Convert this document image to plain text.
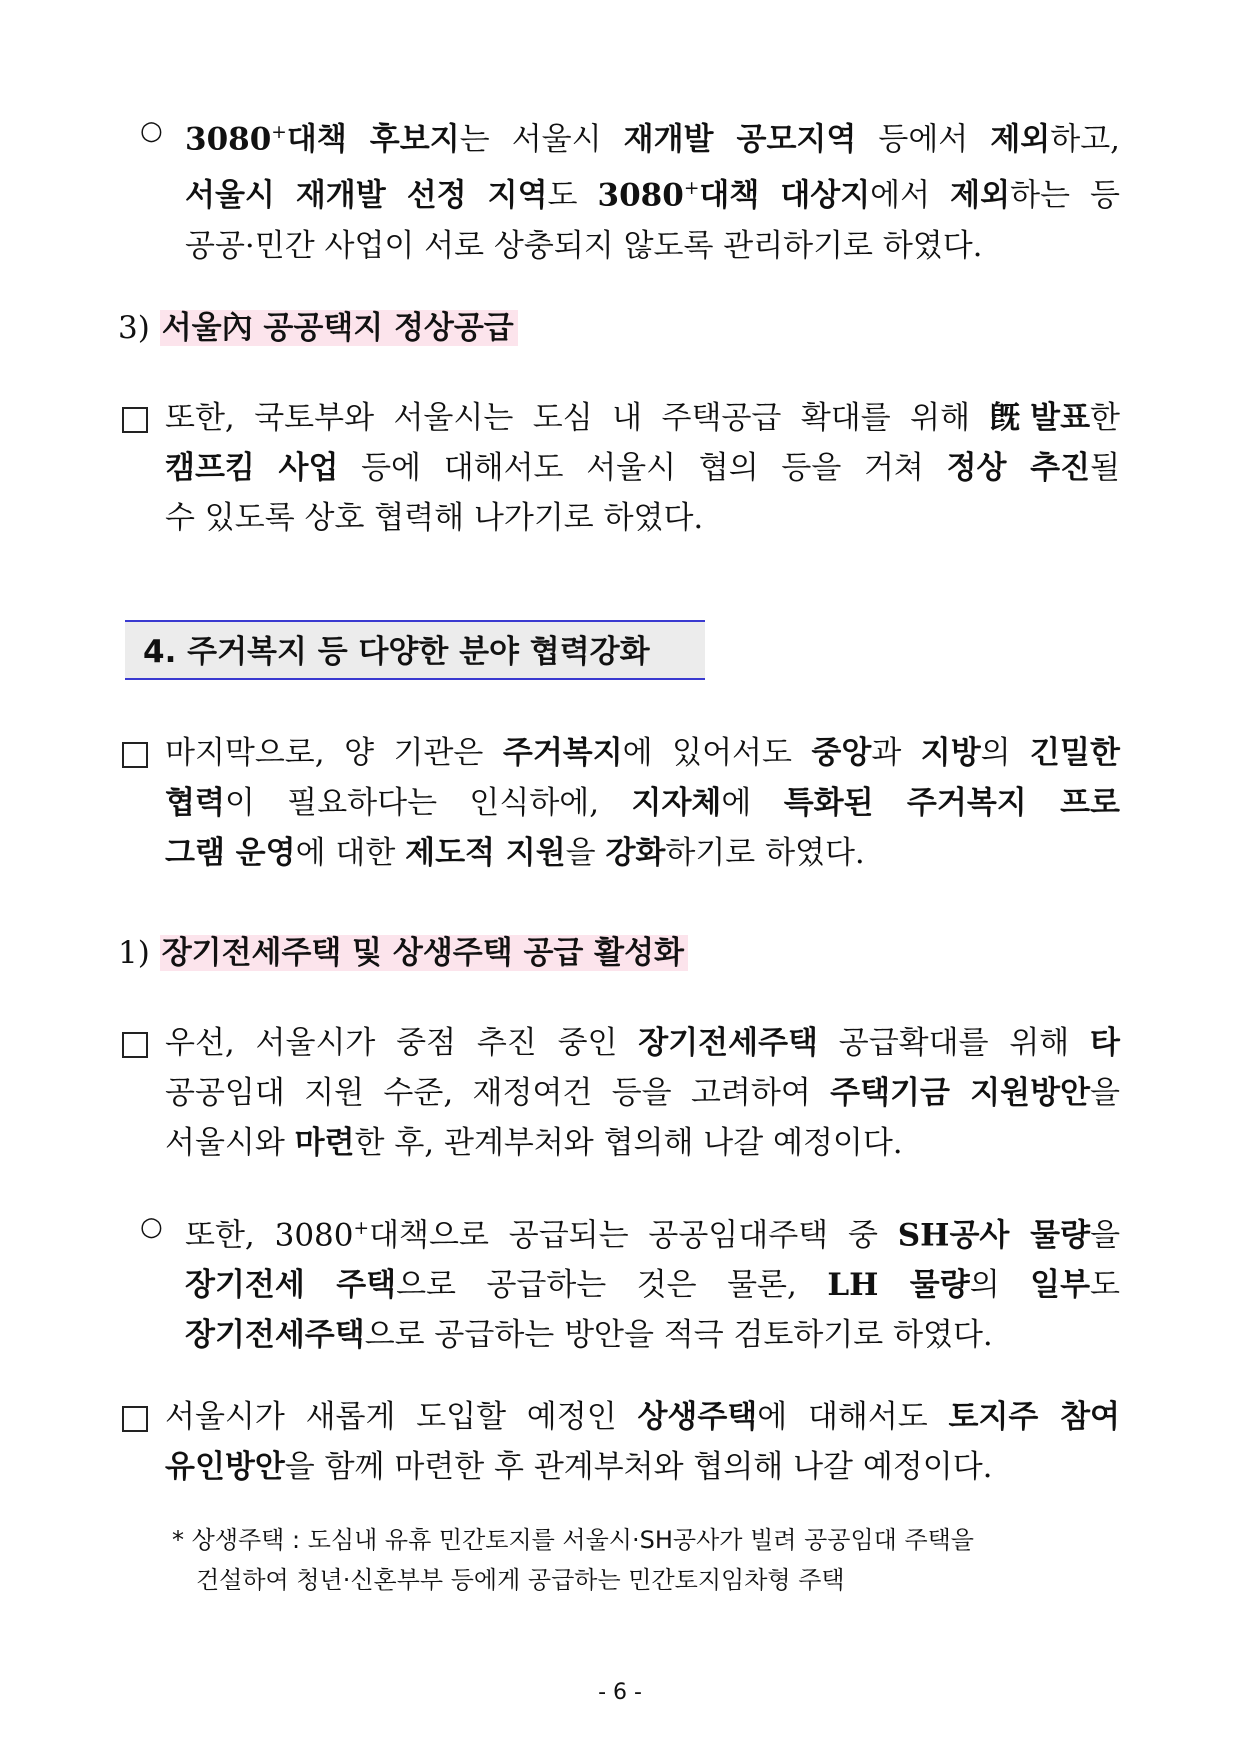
○ 3080+대책 후보지는 서울시 재개발 공모지역 등에서 제외하고,
서울시 재개발 선정 지역도 3080+대책 대상지에서 제외하는 등
공공·민간 사업이 서로 상충되지 않도록 관리하기로 하였다.
3) 서울內 공공택지 정상공급
또한, 국토부와 서울시는 도심 내 주택공급 확대를 위해 旣발표한
캠프킴 사업 등에 대해서도 서울시 협의 등을 거쳐 정상 추진될
수 있도록 상호 협력해 나가기로 하였다.
4. 주거복지 등 다양한 분야 협력강화
마지막으로, 양 기관은 주거복지에 있어서도 중앙과 지방의 긴밀한
협력이 필요하다는 인식하에, 지자체에 특화된 주거복지 프로
그램 운영에 대한 제도적 지원을 강화하기로 하였다.
1) 장기전세주택 및 상생주택 공급 활성화
우선, 서울시가 중점 추진 중인 장기전세주택 공급확대를 위해 타
공공임대 지원 수준, 재정여건 등을 고려하여 주택기금 지원방안을
서울시와 마련한 후, 관계부처와 협의해 나갈 예정이다.
○ 또한, 3080+대책으로 공급되는 공공임대주택 중 SH공사 물량을
장기전세 주택으로 공급하는 것은 물론, LH 물량의 일부도
장기전세주택으로 공급하는 방안을 적극 검토하기로 하였다.
서울시가 새롭게 도입할 예정인 상생주택에 대해서도 토지주 참여
유인방안을 함께 마련한 후 관계부처와 협의해 나갈 예정이다.
* 상생주택 : 도심내 유휴 민간토지를 서울시·SH공사가 빌려 공공임대 주택을
건설하여 청년·신혼부부 등에게 공급하는 민간토지임차형 주택
- 6 -
